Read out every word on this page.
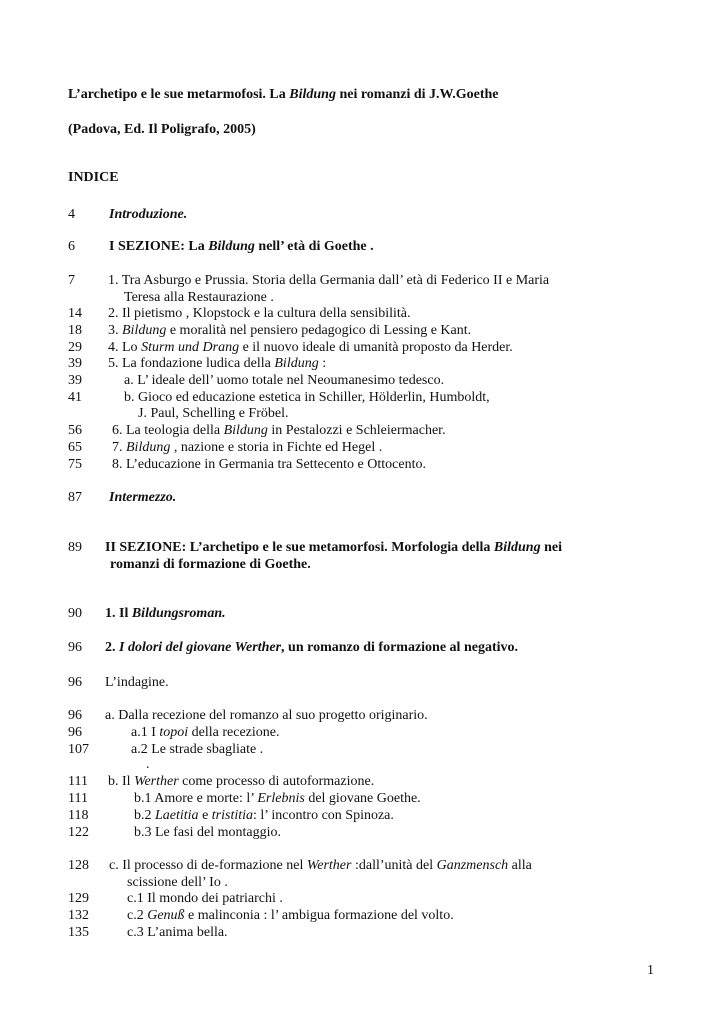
L’archetipo e le sue metarmofosi. La Bildung nei romanzi di J.W.Goethe
(Padova, Ed. Il Poligrafo, 2005)
INDICE
4 Introduzione.
6 I SEZIONE: La Bildung nell’ età di Goethe .
7 1. Tra Asburgo e Prussia. Storia della Germania dall’ età di Federico II e Maria
Teresa alla Restaurazione .
14 2. Il pietismo , Klopstock e la cultura della sensibilità.
18 3. Bildung e moralità nel pensiero pedagogico di Lessing e Kant.
29 4. Lo Sturm und Drang e il nuovo ideale di umanità proposto da Herder.
39 5. La fondazione ludica della Bildung :
39	a. L’ ideale dell’ uomo totale nel Neoumanesimo tedesco.
41	b. Gioco ed educazione estetica in Schiller, Hölderlin, Humboldt,
J. Paul, Schelling e Fröbel.
56 6. La teologia della Bildung in Pestalozzi e Schleiermacher.
65 7. Bildung , nazione e storia in Fichte ed Hegel .
75 8. L’educazione in Germania tra Settecento e Ottocento.
87 Intermezzo.
89 II SEZIONE: L’archetipo e le sue metamorfosi. Morfologia della Bildung nei
romanzi di formazione di Goethe.
90 1. Il Bildungsroman.
96 2. I dolori del giovane Werther, un romanzo di formazione al negativo.
96 L’indagine.
96 a. Dalla recezione del romanzo al suo progetto originario.
96	a.1 I topoi della recezione.
107	a.2 Le strade sbagliate .
.
111 b. Il Werther come processo di autoformazione.
111	b.1 Amore e morte: l’ Erlebnis del giovane Goethe.
118	b.2 Laetitia e tristitia: l’ incontro con Spinoza.
122	b.3 Le fasi del montaggio.
128 c. Il processo di de-formazione nel Werther :dall’unità del Ganzmensch alla
scissione dell’ Io .
129	c.1 Il mondo dei patriarchi .
132	c.2 Genuß e malinconia : l’ ambigua formazione del volto.
135	c.3 L’anima bella.
1
